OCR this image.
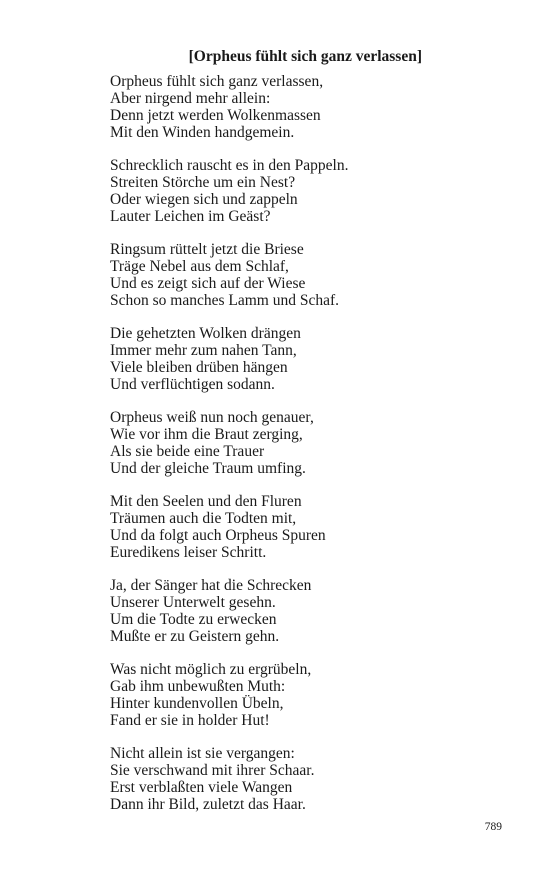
[Orpheus fühlt sich ganz verlassen]
Orpheus fühlt sich ganz verlassen,
Aber nirgend mehr allein:
Denn jetzt werden Wolkenmassen
Mit den Winden handgemein.
Schrecklich rauscht es in den Pappeln.
Streiten Störche um ein Nest?
Oder wiegen sich und zappeln
Lauter Leichen im Geäst?
Ringsum rüttelt jetzt die Briese
Träge Nebel aus dem Schlaf,
Und es zeigt sich auf der Wiese
Schon so manches Lamm und Schaf.
Die gehetzten Wolken drängen
Immer mehr zum nahen Tann,
Viele bleiben drüben hängen
Und verflüchtigen sodann.
Orpheus weiß nun noch genauer,
Wie vor ihm die Braut zerging,
Als sie beide eine Trauer
Und der gleiche Traum umfing.
Mit den Seelen und den Fluren
Träumen auch die Todten mit,
Und da folgt auch Orpheus Spuren
Euredikens leiser Schritt.
Ja, der Sänger hat die Schrecken
Unserer Unterwelt gesehn.
Um die Todte zu erwecken
Mußte er zu Geistern gehn.
Was nicht möglich zu ergrübeln,
Gab ihm unbewußten Muth:
Hinter kundenvollen Übeln,
Fand er sie in holder Hut!
Nicht allein ist sie vergangen:
Sie verschwand mit ihrer Schaar.
Erst verblaßten viele Wangen
Dann ihr Bild, zuletzt das Haar.
789
